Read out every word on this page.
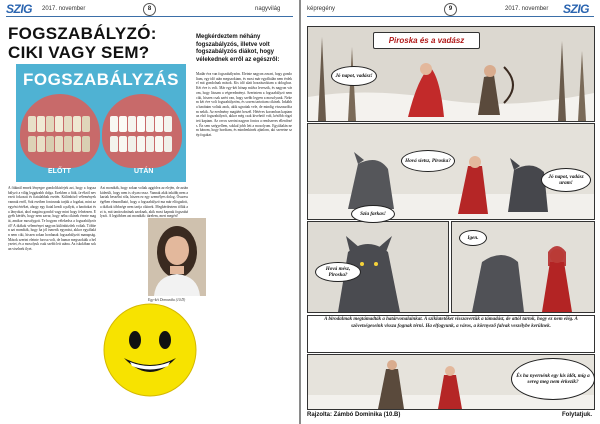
SZIG 2017. november	8	nagyvilág
FOGSZABÁLYZÓ: CIKI VAGY SEM?
FOGSZABÁLYZÁS
ELŐTT	UTÁN
Megkérdeztem néhány fogszabályzós, illetve volt fogszabályzós diákot, hogy vélekednek erről az egészről:
A fiúknál ennek lényegre gondoltkisfejek azt, hogy a fogszabályzó a világ leggázabb dolga. Ezekben a fiúk, fa-ékról nevezett fokozati és fiatalabbak esetén. Különböző vélemények vannak erről, Sok esetben fontosnak tarják a fogakat, mint az egyéni értéket, ahogy egy fiatal kezdi a pályát, a barátokat és a lányokat, ahol magára gondol vagy mint hogy felnézzen. Egyéb kérdés, hogy nem zavar, hogy néha cikinek érezte magát, amikor mosolygott. Te hogyan vélekedsz a fogszabályzóról? A diákok véleményei nagyon különbözőek voltak. Többen azt mondták, hogy ha jól ismerik egymást, akkor egyáltalán nem ciki, hiszen sokan hordanak fogszabályzót manapság. Mások szerint eleinte furcsa volt, de hamar megszokták a helyzetet, és a mosolyuk csak szebb lett utána. Az iskolában sokan viselnek ilyet.
Azt mondták, hogy sokan voltak aggódva az elején, de aztán kiderült, hogy nem is olyan rossz. Vannak akik inkább nem akartak beszélni róla, hiszen ez egy személyes dolog. Összességében elmondható, hogy a fogszabályzó ma már elfogadott, a diákok többsége nem tartja cikinek. Megkérdeztem tőlük azt is, mit tanácsolnának azoknak, akik most kapnak fogszabályzót. A legtöbben azt mondták: türelem, mert megéri!
Madár éva van fogszabályzóm. Eleinte nagyon zavart, hogy gondoltam, egy idő után megszoktam, és most már egyáltalán nem érdekel mit gondolnak mások. Kis idő alatt hozzászoktam a dologhoz. Két éve is volt. Már egy-két hónap múlva leveszik, és nagyon várom, hogy lássam a végeredményt. Szerintem a fogszabályzó nem ciki, hiszen csak azért van, hogy szebb legyen a mosolyunk. Nekem két éve volt fogszabályzóm, és sosem tartottam cikinek. Inkább a barátaim voltak azok, akik ugrattak vele, de mindig visszaszóltam nekik. Az eredmény magáért beszél. Hétéves koromban kaptam az első fogszabályzót, akkor még csak kivehető volt, később rögzített kaptam. Az orvos szerint nagyon fontos a rendszeres ellenőrzés. Én sem szégyellem, sokkal jobb lett a mosolyom. Egyáltalán nem bánom, hogy hordtam, és mindenkinek ajánlom, aki szeretne szép fogakat.
Egy-két Domonika (10.D)
képregény	9	2017. november SZIG
Piroska és a vadász
Jó napot, vadász!
Hová sietsz, Piroska?
Szia farkas!
Jó napot, vadász uram!
Hová mész, Piroska?
Igen.
A birodalmak megtámadták a határvonalainkat. A sziklatetőket visszavertük a támadást, de attól tartok, hogy ez nem elég. A szövetségeseink vissza fognak térni. Ha elfogyunk, a város, a környező falvak veszélybe kerülnek.
És ha nyernénk egy kis időt, míg a sereg meg nem érkezik?
Rajzolta: Zámbó Dominika (10.B)	Folytatjuk.
